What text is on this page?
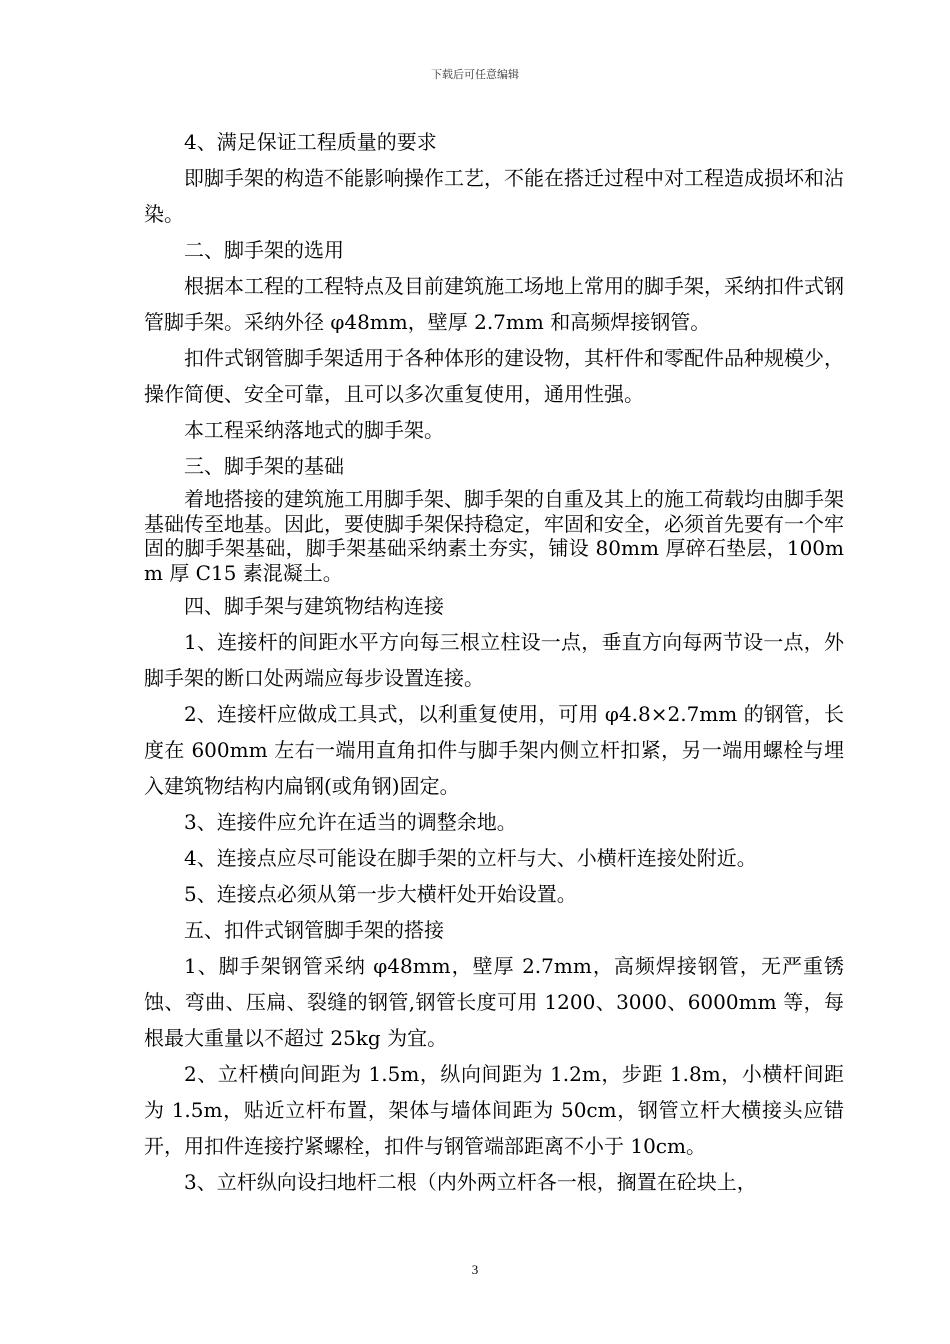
下载后可任意编辑

4、满足保证工程质量的要求

即脚手架的构造不能影响操作工艺，不能在搭迁过程中对工程造成损坏和沾染。

二、脚手架的选用

根据本工程的工程特点及目前建筑施工场地上常用的脚手架，采纳扣件式钢管脚手架。采纳外径 φ48mm，壁厚 2.7mm 和高频焊接钢管。

扣件式钢管脚手架适用于各种体形的建设物，其杆件和零配件品种规模少，操作简便、安全可靠，且可以多次重复使用，通用性强。

本工程采纳落地式的脚手架。

三、脚手架的基础

着地搭接的建筑施工用脚手架、脚手架的自重及其上的施工荷载均由脚手架基础传至地基。因此，要使脚手架保持稳定，牢固和安全，必须首先要有一个牢固的脚手架基础，脚手架基础采纳素土夯实，铺设 80mm 厚碎石垫层，100mm 厚 C15 素混凝土。

四、脚手架与建筑物结构连接

1、连接杆的间距水平方向每三根立柱设一点，垂直方向每两节设一点，外脚手架的断口处两端应每步设置连接。

2、连接杆应做成工具式，以利重复使用，可用 φ4.8×2.7mm 的钢管，长度在 600mm 左右一端用直角扣件与脚手架内侧立杆扣紧，另一端用螺栓与埋入建筑物结构内扁钢(或角钢)固定。

3、连接件应允许在适当的调整余地。

4、连接点应尽可能设在脚手架的立杆与大、小横杆连接处附近。

5、连接点必须从第一步大横杆处开始设置。

五、扣件式钢管脚手架的搭接

1、脚手架钢管采纳 φ48mm，壁厚 2.7mm，高频焊接钢管，无严重锈蚀、弯曲、压扁、裂缝的钢管,钢管长度可用 1200、3000、6000mm 等，每根最大重量以不超过 25kg 为宜。

2、立杆横向间距为 1.5m，纵向间距为 1.2m，步距 1.8m，小横杆间距为 1.5m，贴近立杆布置，架体与墙体间距为 50cm，钢管立杆大横接头应错开，用扣件连接拧紧螺栓，扣件与钢管端部距离不小于 10cm。

3、立杆纵向设扫地杆二根（内外两立杆各一根，搁置在砼块上，

3
